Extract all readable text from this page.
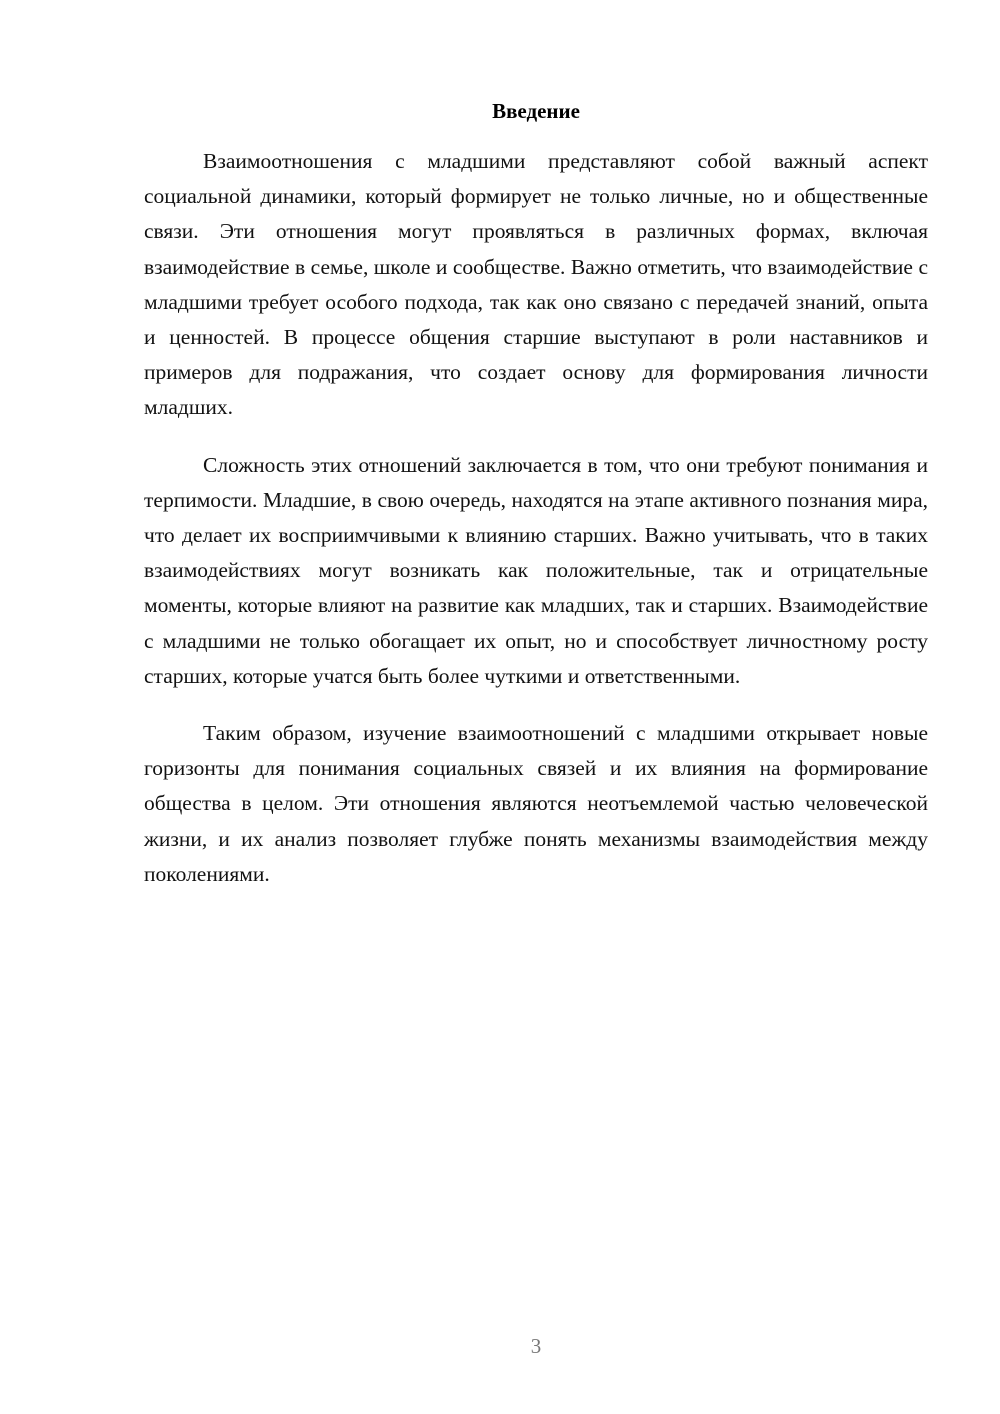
Введение

Взаимоотношения с младшими представляют собой важный аспект социальной динамики, который формирует не только личные, но и общественные связи. Эти отношения могут проявляться в различных формах, включая взаимодействие в семье, школе и сообществе. Важно отметить, что взаимодействие с младшими требует особого подхода, так как оно связано с передачей знаний, опыта и ценностей. В процессе общения старшие выступают в роли наставников и примеров для подражания, что создает основу для формирования личности младших.

Сложность этих отношений заключается в том, что они требуют понимания и терпимости. Младшие, в свою очередь, находятся на этапе активного познания мира, что делает их восприимчивыми к влиянию старших. Важно учитывать, что в таких взаимодействиях могут возникать как положительные, так и отрицательные моменты, которые влияют на развитие как младших, так и старших. Взаимодействие с младшими не только обогащает их опыт, но и способствует личностному росту старших, которые учатся быть более чуткими и ответственными.

Таким образом, изучение взаимоотношений с младшими открывает новые горизонты для понимания социальных связей и их влияния на формирование общества в целом. Эти отношения являются неотъемлемой частью человеческой жизни, и их анализ позволяет глубже понять механизмы взаимодействия между поколениями.

3
